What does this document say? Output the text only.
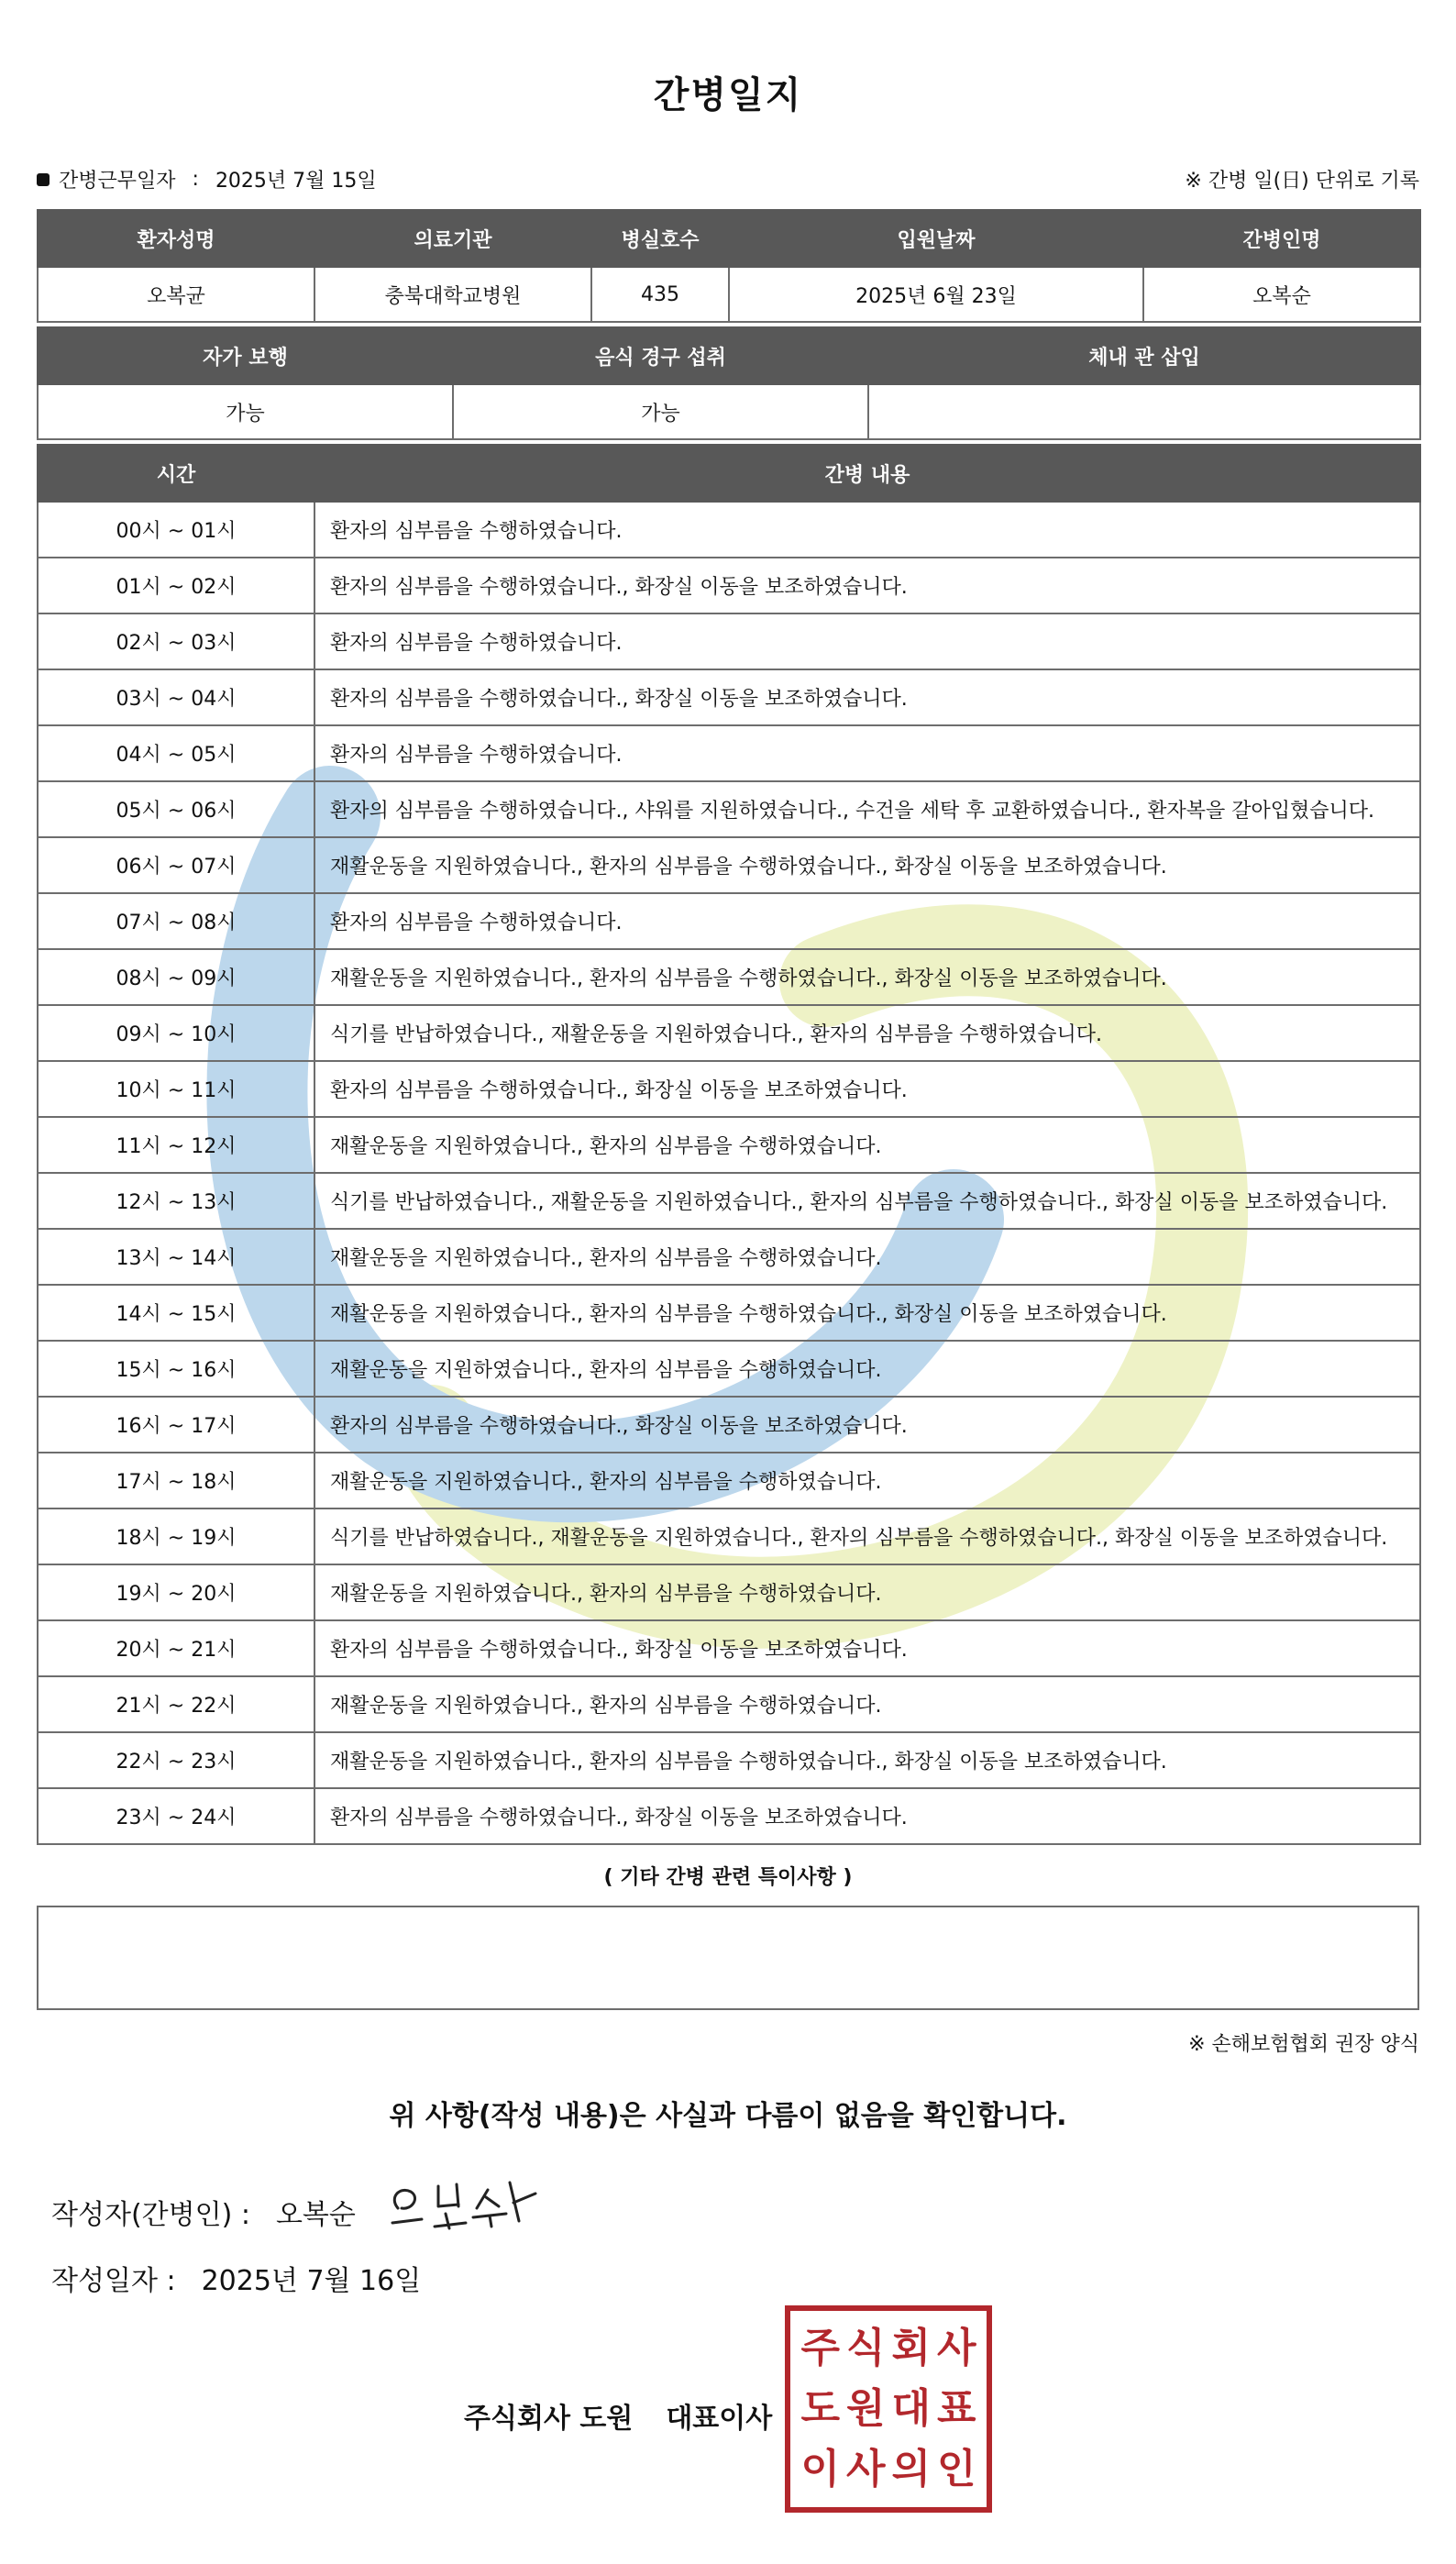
간병일지
간병근무일자 : 2025년 7월 15일	※ 간병 일(日) 단위로 기록
환자성명	의료기관	병실호수	입원날짜	간병인명
오복균	충북대학교병원	435	2025년 6월 23일	오복순
자가 보행	음식 경구 섭취	체내 관 삽입
가능	가능	
시간	간병 내용
00시 ~ 01시	환자의 심부름을 수행하였습니다.
01시 ~ 02시	환자의 심부름을 수행하였습니다., 화장실 이동을 보조하였습니다.
02시 ~ 03시	환자의 심부름을 수행하였습니다.
03시 ~ 04시	환자의 심부름을 수행하였습니다., 화장실 이동을 보조하였습니다.
04시 ~ 05시	환자의 심부름을 수행하였습니다.
05시 ~ 06시	환자의 심부름을 수행하였습니다., 샤워를 지원하였습니다., 수건을 세탁 후 교환하였습니다., 환자복을 갈아입혔습니다.
06시 ~ 07시	재활운동을 지원하였습니다., 환자의 심부름을 수행하였습니다., 화장실 이동을 보조하였습니다.
07시 ~ 08시	환자의 심부름을 수행하였습니다.
08시 ~ 09시	재활운동을 지원하였습니다., 환자의 심부름을 수행하였습니다., 화장실 이동을 보조하였습니다.
09시 ~ 10시	식기를 반납하였습니다., 재활운동을 지원하였습니다., 환자의 심부름을 수행하였습니다.
10시 ~ 11시	환자의 심부름을 수행하였습니다., 화장실 이동을 보조하였습니다.
11시 ~ 12시	재활운동을 지원하였습니다., 환자의 심부름을 수행하였습니다.
12시 ~ 13시	식기를 반납하였습니다., 재활운동을 지원하였습니다., 환자의 심부름을 수행하였습니다., 화장실 이동을 보조하였습니다.
13시 ~ 14시	재활운동을 지원하였습니다., 환자의 심부름을 수행하였습니다.
14시 ~ 15시	재활운동을 지원하였습니다., 환자의 심부름을 수행하였습니다., 화장실 이동을 보조하였습니다.
15시 ~ 16시	재활운동을 지원하였습니다., 환자의 심부름을 수행하였습니다.
16시 ~ 17시	환자의 심부름을 수행하였습니다., 화장실 이동을 보조하였습니다.
17시 ~ 18시	재활운동을 지원하였습니다., 환자의 심부름을 수행하였습니다.
18시 ~ 19시	식기를 반납하였습니다., 재활운동을 지원하였습니다., 환자의 심부름을 수행하였습니다., 화장실 이동을 보조하였습니다.
19시 ~ 20시	재활운동을 지원하였습니다., 환자의 심부름을 수행하였습니다.
20시 ~ 21시	환자의 심부름을 수행하였습니다., 화장실 이동을 보조하였습니다.
21시 ~ 22시	재활운동을 지원하였습니다., 환자의 심부름을 수행하였습니다.
22시 ~ 23시	재활운동을 지원하였습니다., 환자의 심부름을 수행하였습니다., 화장실 이동을 보조하였습니다.
23시 ~ 24시	환자의 심부름을 수행하였습니다., 화장실 이동을 보조하였습니다.
( 기타 간병 관련 특이사항 )
※ 손해보험협회 권장 양식
위 사항(작성 내용)은 사실과 다름이 없음을 확인합니다.
작성자(간병인) : 오복순
작성일자 : 2025년 7월 16일
주식회사 도원 대표이사
주 식 회 사
도 원 대 표
이 사 의 인
